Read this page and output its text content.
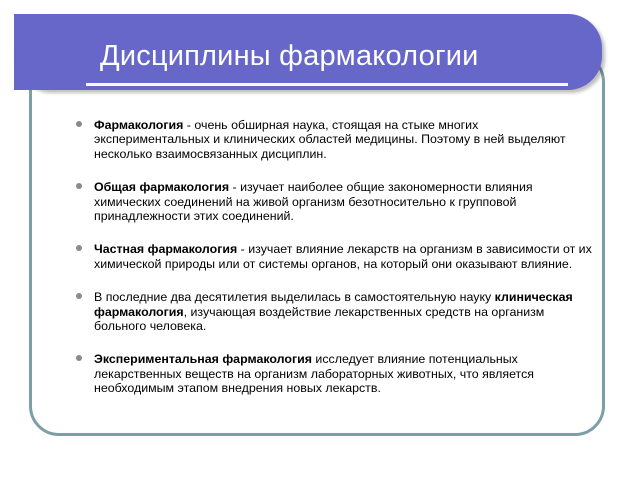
Дисциплины фармакологии
Фармакология - очень обширная наука, стоящая на стыке многих экспериментальных и клинических областей медицины. Поэтому в ней выделяют несколько взаимосвязанных дисциплин.
Общая фармакология - изучает наиболее общие закономерности влияния химических соединений на живой организм безотносительно к групповой принадлежности этих соединений.
Частная фармакология - изучает влияние лекарств на организм в зависимости от их химической природы или от системы органов, на который они оказывают влияние.
В последние два десятилетия выделилась в самостоятельную науку клиническая фармакология, изучающая воздействие лекарственных средств на организм больного человека.
Экспериментальная фармакология исследует влияние потенциальных лекарственных веществ на организм лабораторных животных, что является необходимым этапом внедрения новых лекарств.
